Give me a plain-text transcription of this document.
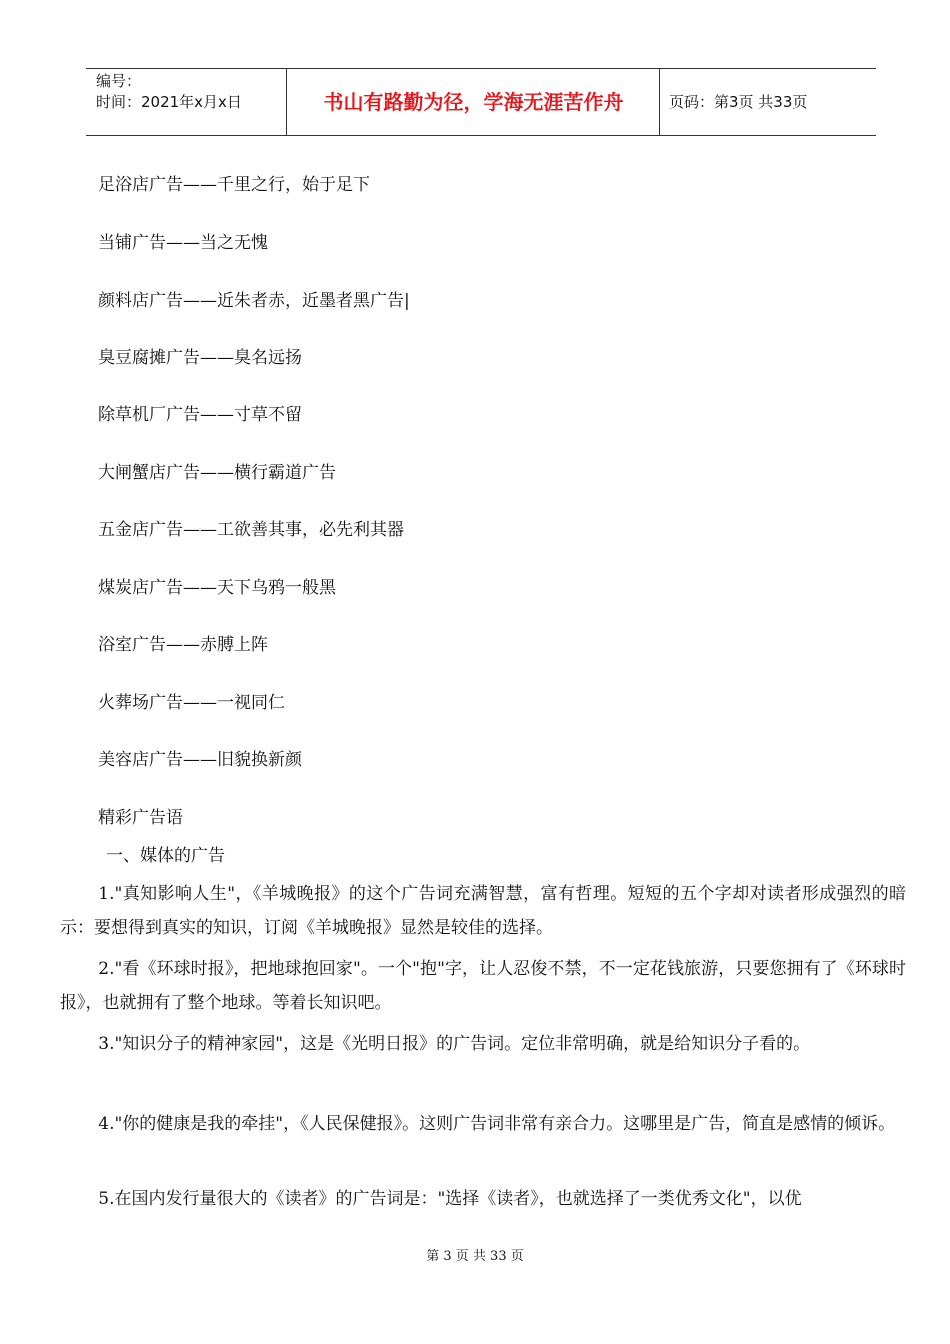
编号：
时间：2021年x月x日	书山有路勤为径，学海无涯苦作舟	页码：第3页 共33页
足浴店广告——千里之行，始于足下
当铺广告——当之无愧
颜料店广告——近朱者赤，近墨者黑广告|
臭豆腐摊广告——臭名远扬
除草机厂广告——寸草不留
大闸蟹店广告——横行霸道广告
五金店广告——工欲善其事，必先利其器
煤炭店广告——天下乌鸦一般黑
浴室广告——赤膊上阵
火葬场广告——一视同仁
美容店广告——旧貌换新颜
精彩广告语
一、媒体的广告

1."真知影响人生"，《羊城晚报》的这个广告词充满智慧，富有哲理。短短的五个字却对读者形成强烈的暗示：要想得到真实的知识，订阅《羊城晚报》显然是较佳的选择。

2."看《环球时报》，把地球抱回家"。一个"抱"字，让人忍俊不禁，不一定花钱旅游，只要您拥有了《环球时报》，也就拥有了整个地球。等着长知识吧。

3."知识分子的精神家园"，这是《光明日报》的广告词。定位非常明确，就是给知识分子看的。

4."你的健康是我的牵挂"，《人民保健报》。这则广告词非常有亲合力。这哪里是广告，简直是感情的倾诉。

5.在国内发行量很大的《读者》的广告词是："选择《读者》，也就选择了一类优秀文化"，以优

第 3 页 共 33 页
